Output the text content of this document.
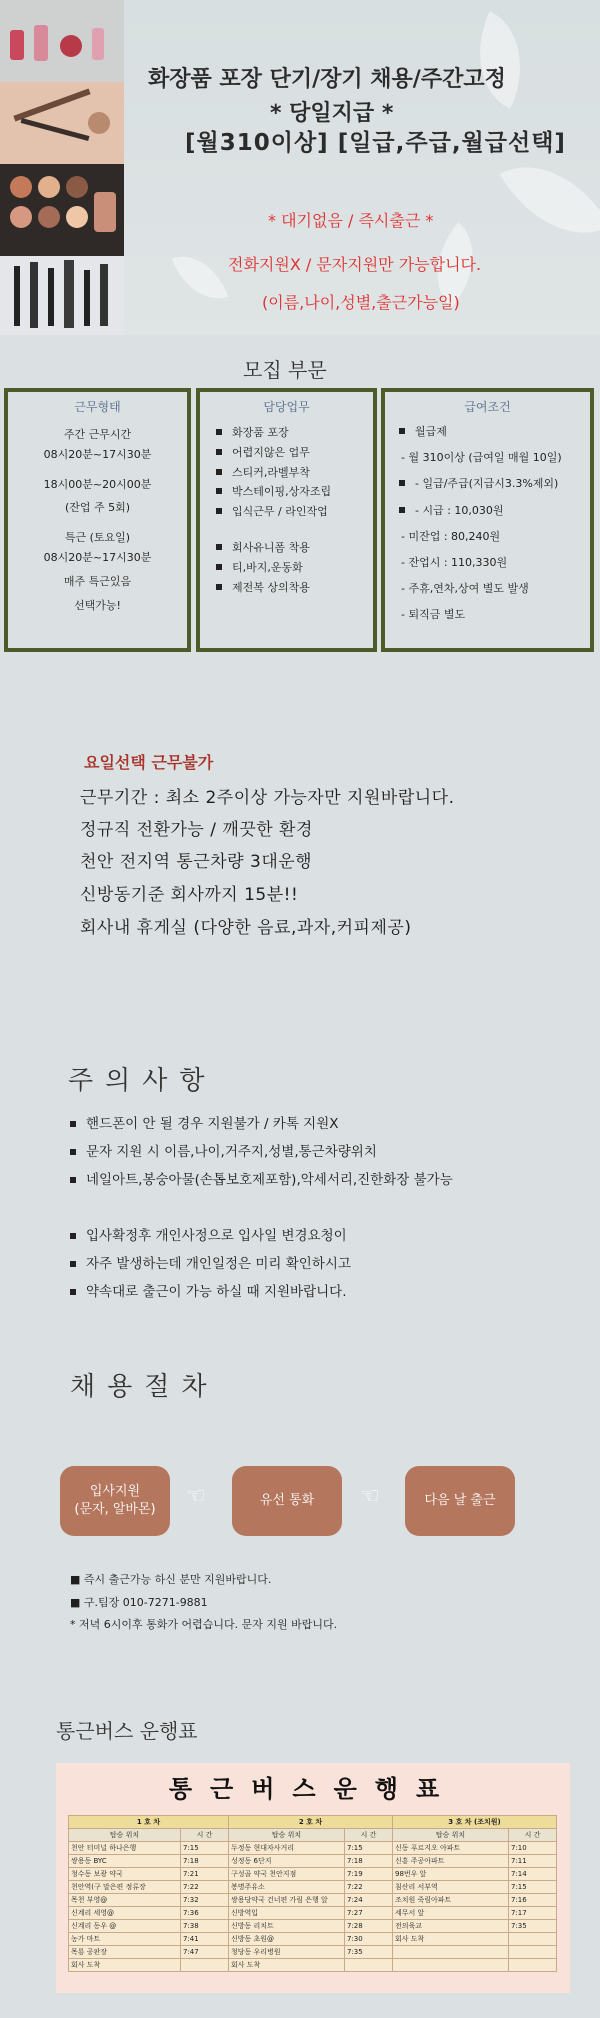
화장품 포장 단기/장기 채용/주간고정
* 당일지급 *
[월310이상] [일급,주급,월급선택]
* 대기없음 / 즉시출근 *
전화지원X / 문자지원만 가능합니다.
(이름,나이,성별,출근가능일)
모집 부문
근무형태

주간 근무시간

08시20분~17시30분

18시00분~20시00분

(잔업 주 5회)

특근 (토요일)

08시20분~17시30분

매주 특근있음

선택가능!

담당업무

화장품 포장

어렵지않은 업무

스티커,라벨부착

박스테이핑,상자조립

입식근무 / 라인작업

회사유니폼 착용

티,바지,운동화

제전복 상의착용

급여조건

월급제

- 월 310이상 (급여일 매월 10일)

- 일급/주급(지급시3.3%제외)

- 시급 : 10,030원

- 미잔업 : 80,240원

- 잔업시 : 110,330원

- 주휴,연차,상여 별도 발생

- 퇴직금 별도

요일선택 근무불가
근무기간 : 최소 2주이상 가능자만 지원바랍니다.
정규직 전환가능 / 깨끗한 환경
천안 전지역 통근차량 3대운행
신방동기준 회사까지 15분!!
회사내 휴게실 (다양한 음료,과자,커피제공)
주의사항
핸드폰이 안 될 경우 지원불가 / 카톡 지원X
문자 지원 시 이름,나이,거주지,성별,통근차량위치
네일아트,봉숭아물(손톱보호제포함),악세서리,진한화장 불가능
입사확정후 개인사정으로 입사일 변경요청이
자주 발생하는데 개인일정은 미리 확인하시고
약속대로 출근이 가능 하실 때 지원바랍니다.
채용절차
입사지원
(문자, 알바몬)
☜	유선 통화	☜	다음 날 출근
■ 즉시 출근가능 하신 분만 지원바랍니다.
■ 구.팀장 010-7271-9881
* 저녁 6시이후 통화가 어렵습니다. 문자 지원 바랍니다.
통근버스 운행표
통근버스운행표
1 호 차		2 호 차		3 호 차 (조치원)	
탑승 위치	시 간	탑승 위치	시 간	탑승 위치	시 간
천안 터미널 하나은행	7:15	두정동 현대자사거리	7:15	신동 푸르지오 아파트	7:10
쌍용동 BYC	7:18	성정동 6단지	7:18	신흥 주공아파트	7:11
청수동 보광 약국	7:21	구성골 약국 천안지점	7:19	98번우 앞	7:14
천안역(구 말은편 정류장	7:22	봉명주유소	7:22	침산리 서부역	7:15
목천 부영@	7:32	쌍용당약국 건너편 가림 은행 앞	7:24	조치원 죽림아파트	7:16
신계리 세영@	7:36	신방역입	7:27	세무서 앞	7:17
신계리 동우 @	7:38	신방동 리치트	7:28	전의육교	7:35
농가 마트	7:41	신방동 초원@	7:30	회사 도착	
목룡 공판장	7:47	청당동 우리병원	7:35		
회사 도착		회사 도착			
